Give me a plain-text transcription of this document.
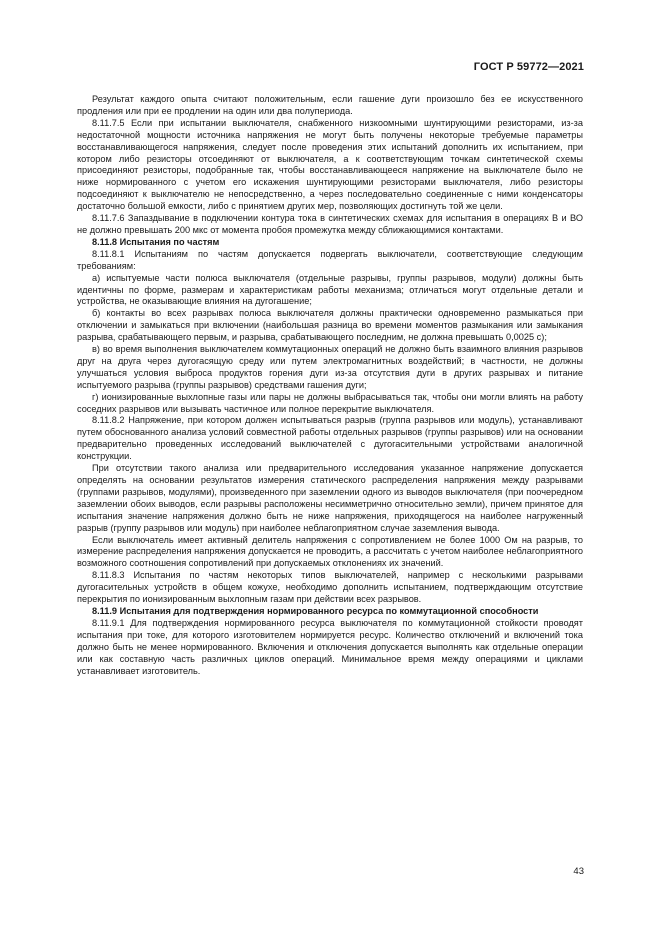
ГОСТ Р 59772—2021

Результат каждого опыта считают положительным, если гашение дуги произошло без ее искусственного продления или при ее продлении на один или два полупериода.

8.11.7.5 Если при испытании выключателя, снабженного низкоомными шунтирующими резисторами, из-за недостаточной мощности источника напряжения не могут быть получены некоторые требуемые параметры восстанавливающегося напряжения, следует после проведения этих испытаний дополнить их испытанием, при котором либо резисторы отсоединяют от выключателя, а к соответствующим точкам синтетической схемы присоединяют резисторы, подобранные так, чтобы восстанавливающееся напряжение на выключателе было не ниже нормированного с учетом его искажения шунтирующими резисторами выключателя, либо резисторы подсоединяют к выключателю не непосредственно, а через последовательно соединенные с ними конденсаторы достаточно большой емкости, либо с принятием других мер, позволяющих достигнуть той же цели.

8.11.7.6 Запаздывание в подключении контура тока в синтетических схемах для испытания в операциях В и ВО не должно превышать 200 мкс от момента пробоя промежутка между сближающимися контактами.

8.11.8 Испытания по частям

8.11.8.1 Испытаниям по частям допускается подвергать выключатели, соответствующие следующим требованиям:

а) испытуемые части полюса выключателя (отдельные разрывы, группы разрывов, модули) должны быть идентичны по форме, размерам и характеристикам работы механизма; отличаться могут отдельные детали и устройства, не оказывающие влияния на дугогашение;

б) контакты во всех разрывах полюса выключателя должны практически одновременно размыкаться при отключении и замыкаться при включении (наибольшая разница во времени моментов размыкания или замыкания разрыва, срабатывающего первым, и разрыва, срабатывающего последним, не должна превышать 0,0025 с);

в) во время выполнения выключателем коммутационных операций не должно быть взаимного влияния разрывов друг на друга через дугогасящую среду или путем электромагнитных воздействий; в частности, не должны улучшаться условия выброса продуктов горения дуги из-за отсутствия дуги в других разрывах и питание испытуемого разрыва (группы разрывов) средствами гашения дуги;

г) ионизированные выхлопные газы или пары не должны выбрасываться так, чтобы они могли влиять на работу соседних разрывов или вызывать частичное или полное перекрытие выключателя.

8.11.8.2 Напряжение, при котором должен испытываться разрыв (группа разрывов или модуль), устанавливают путем обоснованного анализа условий совместной работы отдельных разрывов (группы разрывов) или на основании предварительно проведенных исследований выключателей с дугогасительными устройствами аналогичной конструкции.

При отсутствии такого анализа или предварительного исследования указанное напряжение допускается определять на основании результатов измерения статического распределения напряжения между разрывами (группами разрывов, модулями), произведенного при заземлении одного из выводов выключателя (при поочередном заземлении обоих выводов, если разрывы расположены несимметрично относительно земли), причем принятое для испытания значение напряжения должно быть не ниже напряжения, приходящегося на наиболее нагруженный разрыв (группу разрывов или модуль) при наиболее неблагоприятном случае заземления вывода.

Если выключатель имеет активный делитель напряжения с сопротивлением не более 1000 Ом на разрыв, то измерение распределения напряжения допускается не проводить, а рассчитать с учетом наиболее неблагоприятного возможного соотношения сопротивлений при допускаемых отклонениях их значений.

8.11.8.3 Испытания по частям некоторых типов выключателей, например с несколькими разрывами дугогасительных устройств в общем кожухе, необходимо дополнить испытанием, подтверждающим отсутствие перекрытия по ионизированным выхлопным газам при действии всех разрывов.

8.11.9 Испытания для подтверждения нормированного ресурса по коммутационной способности

8.11.9.1 Для подтверждения нормированного ресурса выключателя по коммутационной стойкости проводят испытания при токе, для которого изготовителем нормируется ресурс. Количество отключений и включений тока должно быть не менее нормированного. Включения и отключения допускается выполнять как отдельные операции или как составную часть различных циклов операций. Минимальное время между операциями и циклами устанавливает изготовитель.

43
